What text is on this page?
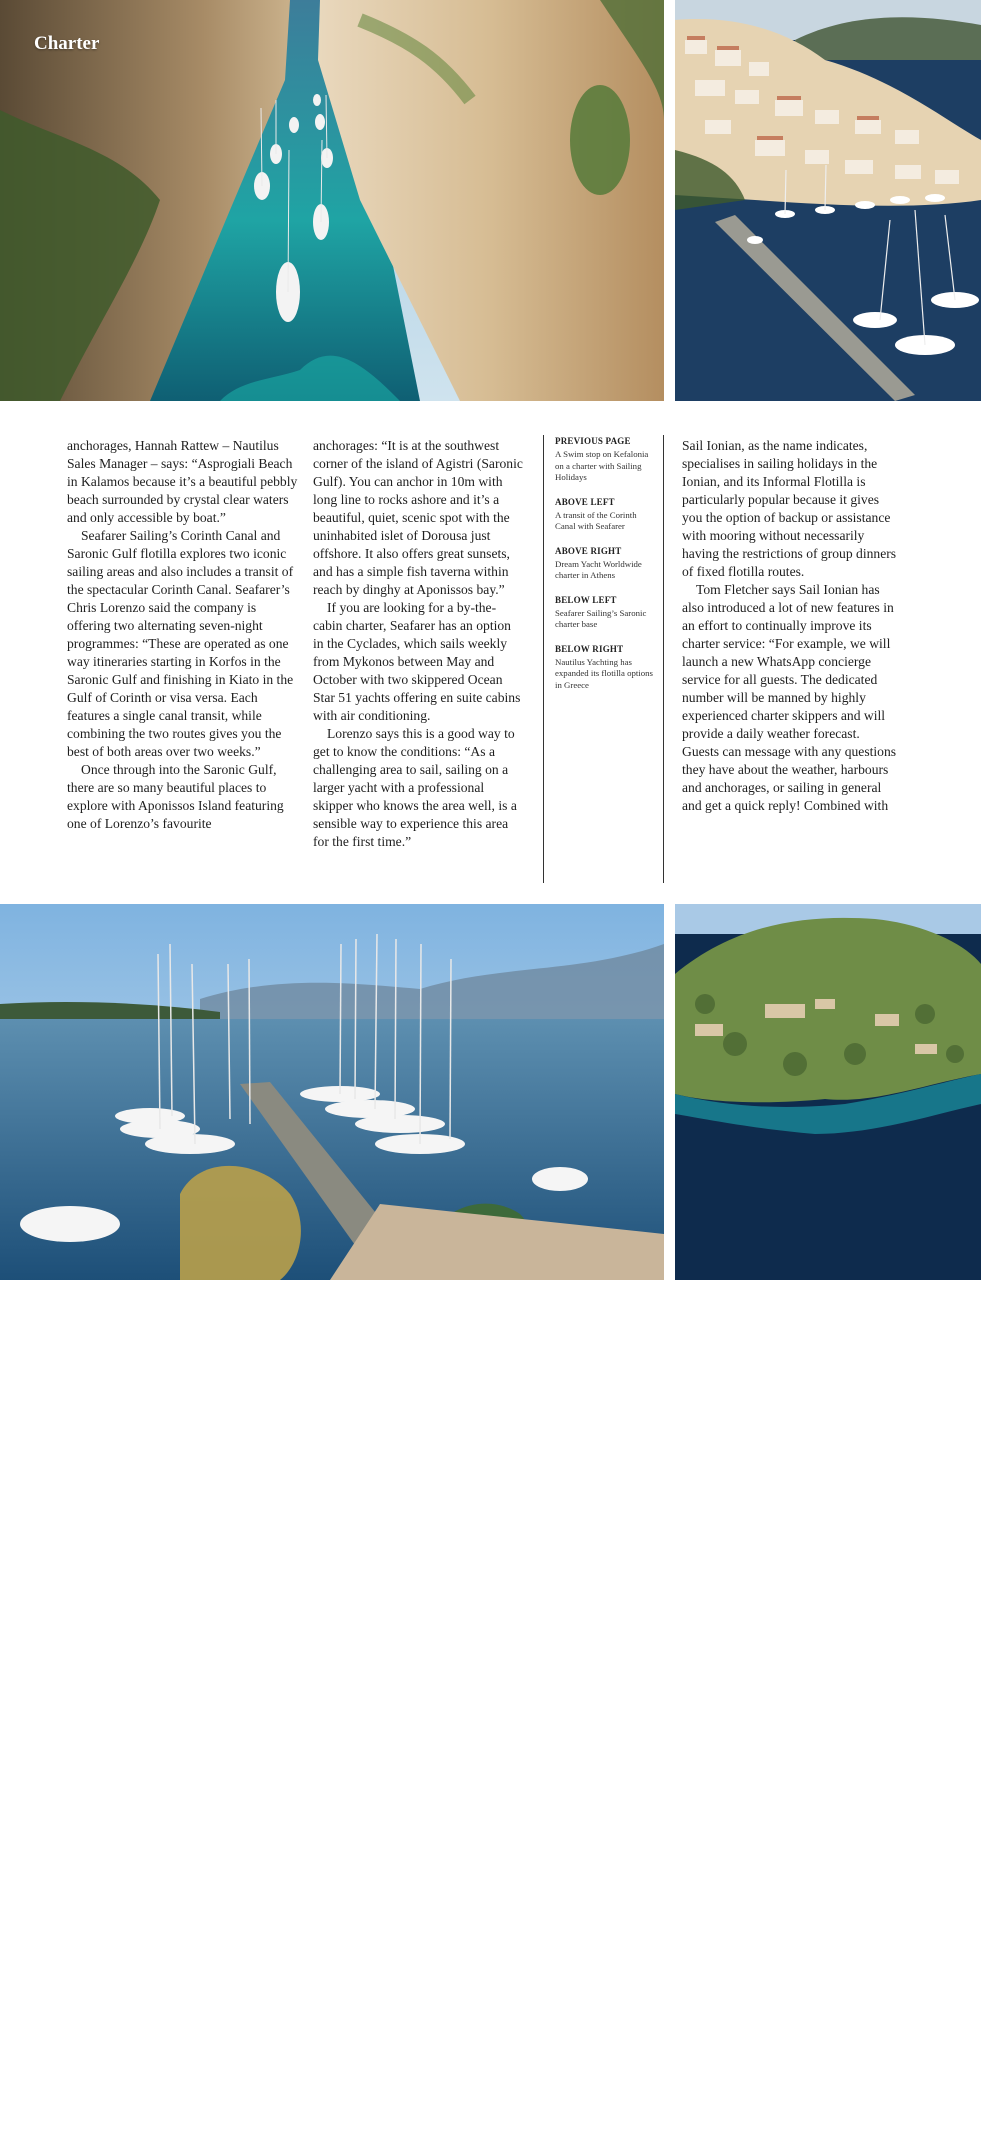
Charter

anchorages, Hannah Rattew – Nautilus Sales Manager – says: “Asprogiali Beach in Kalamos because it’s a beautiful pebbly beach surrounded by crystal clear waters and only accessible by boat.”

Seafarer Sailing’s Corinth Canal and Saronic Gulf flotilla explores two iconic sailing areas and also includes a transit of the spectacular Corinth Canal. Seafarer’s Chris Lorenzo said the company is offering two alternating seven-night programmes: “These are operated as one way itineraries starting in Korfos in the Saronic Gulf and finishing in Kiato in the Gulf of Corinth or visa versa. Each features a single canal transit, while combining the two routes gives you the best of both areas over two weeks.”

Once through into the Saronic Gulf, there are so many beautiful places to explore with Aponissos Island featuring one of Lorenzo’s favourite

anchorages: “It is at the southwest corner of the island of Agistri (Saronic Gulf). You can anchor in 10m with long line to rocks ashore and it’s a beautiful, quiet, scenic spot with the uninhabited islet of Dorousa just offshore. It also offers great sunsets, and has a simple fish taverna within reach by dinghy at Aponissos bay.”

If you are looking for a by-the-cabin charter, Seafarer has an option in the Cyclades, which sails weekly from Mykonos between May and October with two skippered Ocean Star 51 yachts offering en suite cabins with air conditioning.

Lorenzo says this is a good way to get to know the conditions: “As a challenging area to sail, sailing on a larger yacht with a professional skipper who knows the area well, is a sensible way to experience this area for the first time.”

PREVIOUS PAGE
A Swim stop on Kefalonia on a charter with Sailing Holidays
ABOVE LEFT
A transit of the Corinth Canal with Seafarer
ABOVE RIGHT
Dream Yacht Worldwide charter in Athens
BELOW LEFT
Seafarer Sailing’s Saronic charter base
BELOW RIGHT
Nautilus Yachting has expanded its flotilla options in Greece

Sail Ionian, as the name indicates, specialises in sailing holidays in the Ionian, and its Informal Flotilla is particularly popular because it gives you the option of backup or assistance with mooring without necessarily having the restrictions of group dinners of fixed flotilla routes.

Tom Fletcher says Sail Ionian has also introduced a lot of new features in an effort to continually improve its charter service: “For example, we will launch a new WhatsApp concierge service for all guests. The dedicated number will be manned by highly experienced charter skippers and will provide a daily weather forecast. Guests can message with any questions they have about the weather, harbours and anchorages, or sailing in general and get a quick reply! Combined with

92 MARCH 2025 Sailing Today with Yachts & Yachting
